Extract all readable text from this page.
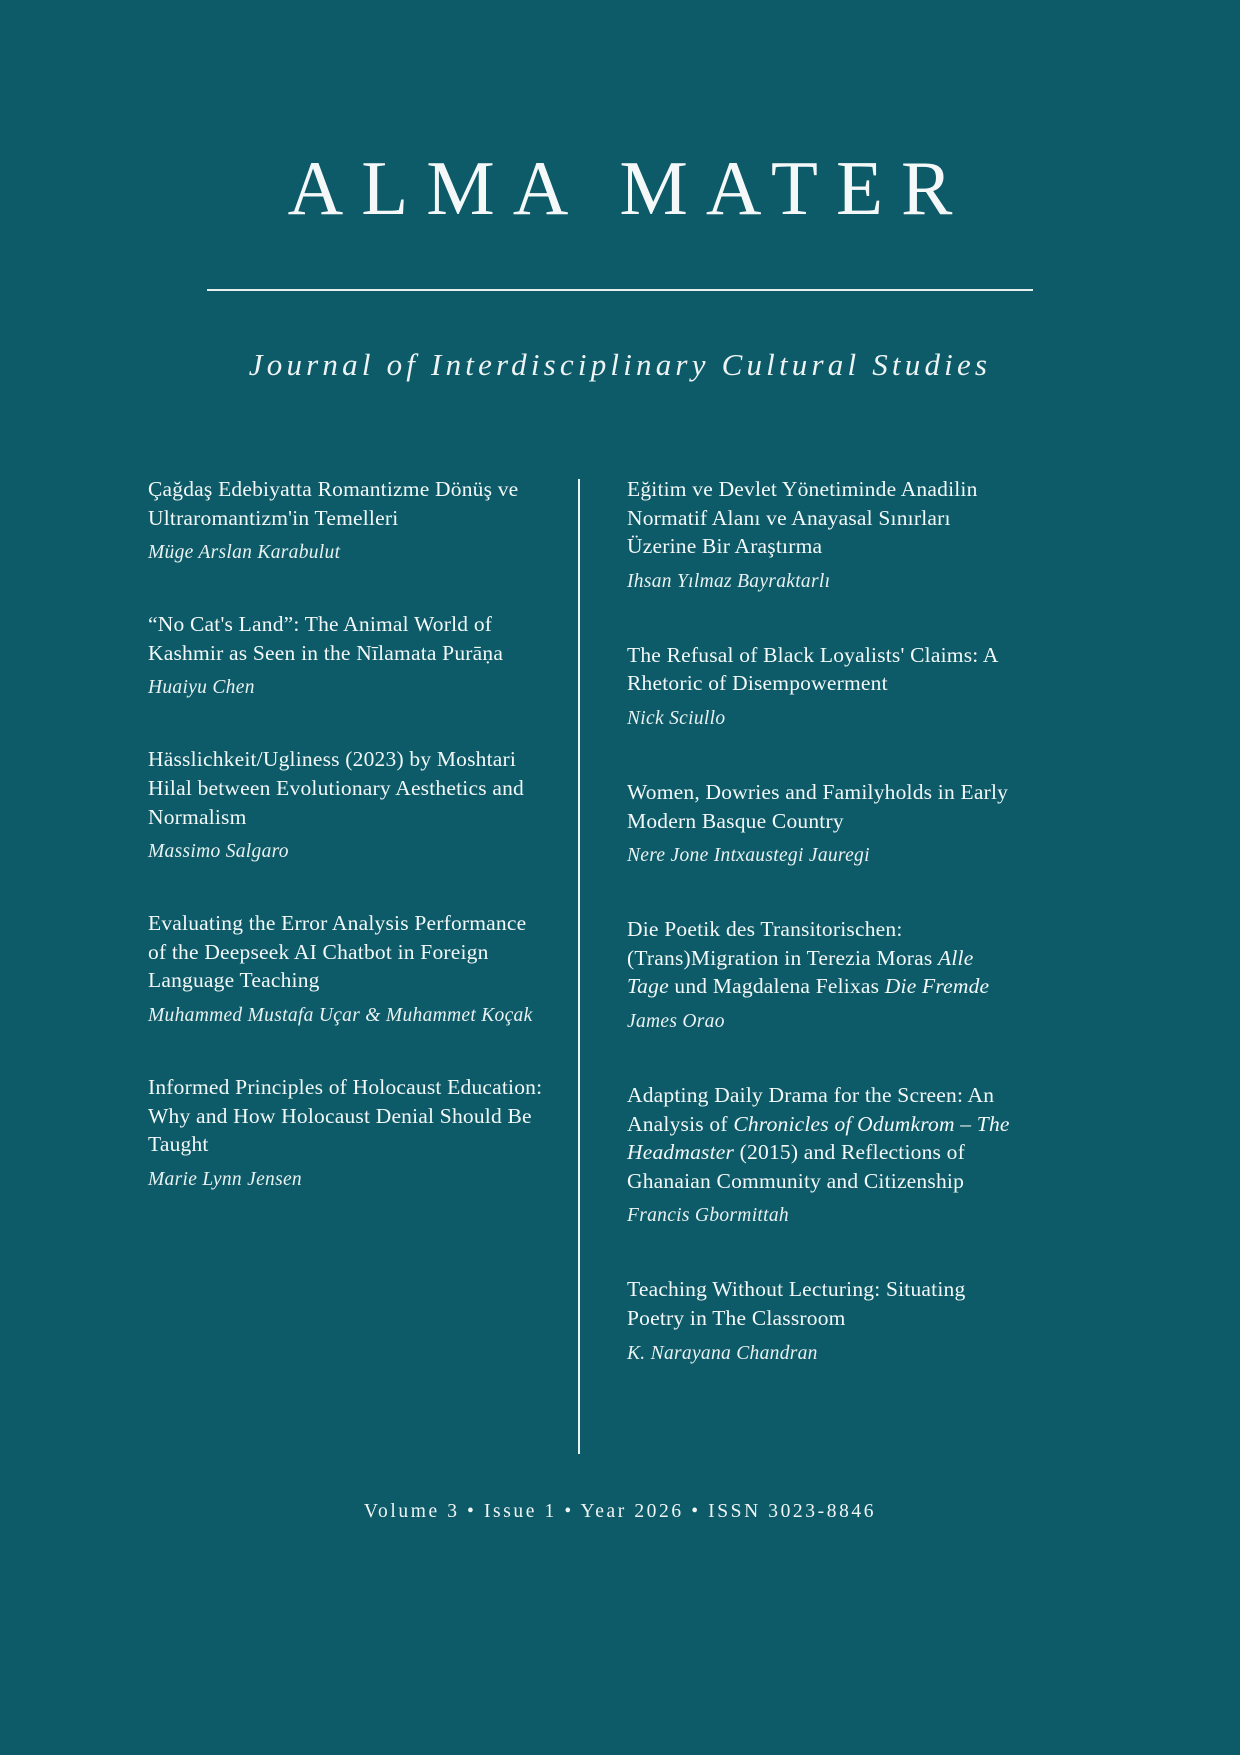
ALMA MATER
Journal of Interdisciplinary Cultural Studies
Çağdaş Edebiyatta Romantizme Dönüş ve Ultraromantizm'in Temelleri
Müge Arslan Karabulut
“No Cat's Land”: The Animal World of Kashmir as Seen in the Nīlamata Purāṇa
Huaiyu Chen
Hässlichkeit/Ugliness (2023) by Moshtari Hilal between Evolutionary Aesthetics and Normalism
Massimo Salgaro
Evaluating the Error Analysis Performance of the Deepseek AI Chatbot in Foreign Language Teaching
Muhammed Mustafa Uçar & Muhammet Koçak
Informed Principles of Holocaust Education: Why and How Holocaust Denial Should Be Taught
Marie Lynn Jensen
Eğitim ve Devlet Yönetiminde Anadilin Normatif Alanı ve Anayasal Sınırları Üzerine Bir Araştırma
Ihsan Yılmaz Bayraktarlı
The Refusal of Black Loyalists' Claims: A Rhetoric of Disempowerment
Nick Sciullo
Women, Dowries and Familyholds in Early Modern Basque Country
Nere Jone Intxaustegi Jauregi
Die Poetik des Transitorischen: (Trans)Migration in Terezia Moras Alle Tage und Magdalena Felixas Die Fremde
James Orao
Adapting Daily Drama for the Screen: An Analysis of Chronicles of Odumkrom – The Headmaster (2015) and Reflections of Ghanaian Community and Citizenship
Francis Gbormittah
Teaching Without Lecturing: Situating Poetry in The Classroom
K. Narayana Chandran
Volume 3 • Issue 1 • Year 2026 • ISSN 3023-8846
